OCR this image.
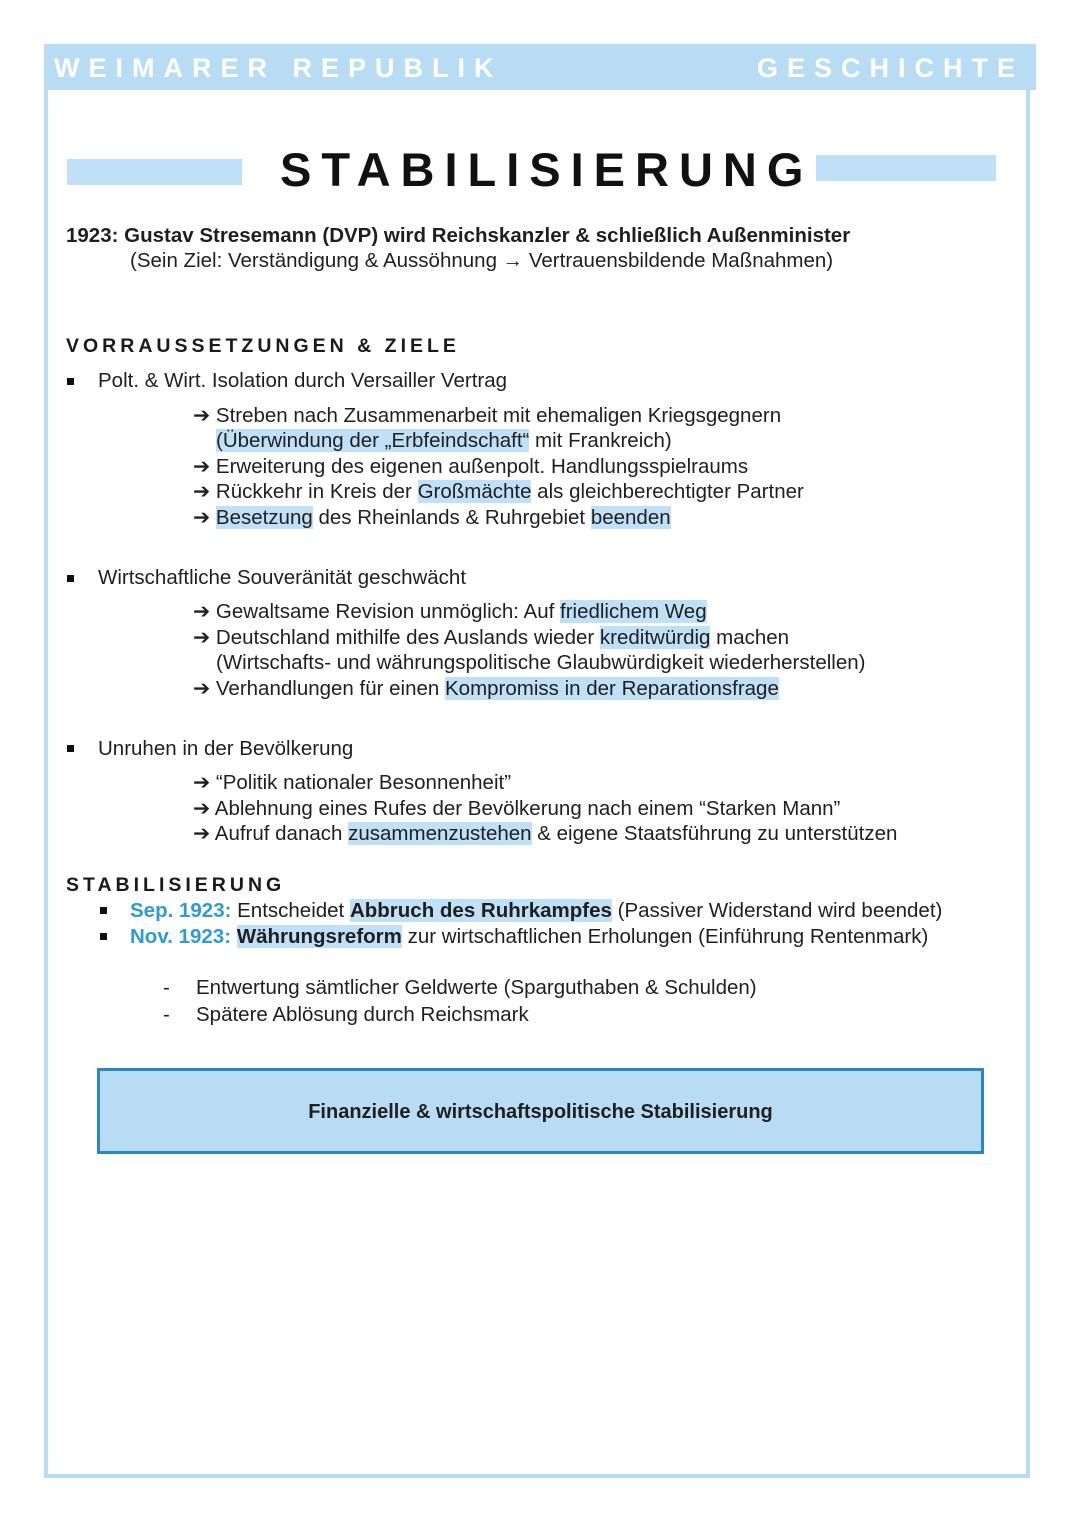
WEIMARER REPUBLIK	GESCHICHTE
STABILISIERUNG
1923: Gustav Stresemann (DVP) wird Reichskanzler & schließlich Außenminister
(Sein Ziel: Verständigung & Aussöhnung → Vertrauensbildende Maßnahmen)
VORRAUSSETZUNGEN & ZIELE
Polt. & Wirt. Isolation durch Versailler Vertrag
➔ Streben nach Zusammenarbeit mit ehemaligen Kriegsgegnern
(Überwindung der „Erbfeindschaft“ mit Frankreich)
➔ Erweiterung des eigenen außenpolt. Handlungsspielraums
➔ Rückkehr in Kreis der Großmächte als gleichberechtigter Partner
➔ Besetzung des Rheinlands & Ruhrgebiet beenden
Wirtschaftliche Souveränität geschwächt
➔ Gewaltsame Revision unmöglich: Auf friedlichem Weg
➔ Deutschland mithilfe des Auslands wieder kreditwürdig machen
(Wirtschafts- und währungspolitische Glaubwürdigkeit wiederherstellen)
➔ Verhandlungen für einen Kompromiss in der Reparationsfrage
Unruhen in der Bevölkerung
➔ “Politik nationaler Besonnenheit”
➔ Ablehnung eines Rufes der Bevölkerung nach einem “Starken Mann”
➔ Aufruf danach zusammenzustehen & eigene Staatsführung zu unterstützen
STABILISIERUNG
Sep. 1923: Entscheidet Abbruch des Ruhrkampfes (Passiver Widerstand wird beendet)
Nov. 1923: Währungsreform zur wirtschaftlichen Erholungen (Einführung Rentenmark)
- Entwertung sämtlicher Geldwerte (Sparguthaben & Schulden)
- Spätere Ablösung durch Reichsmark
Finanzielle & wirtschaftspolitische Stabilisierung
